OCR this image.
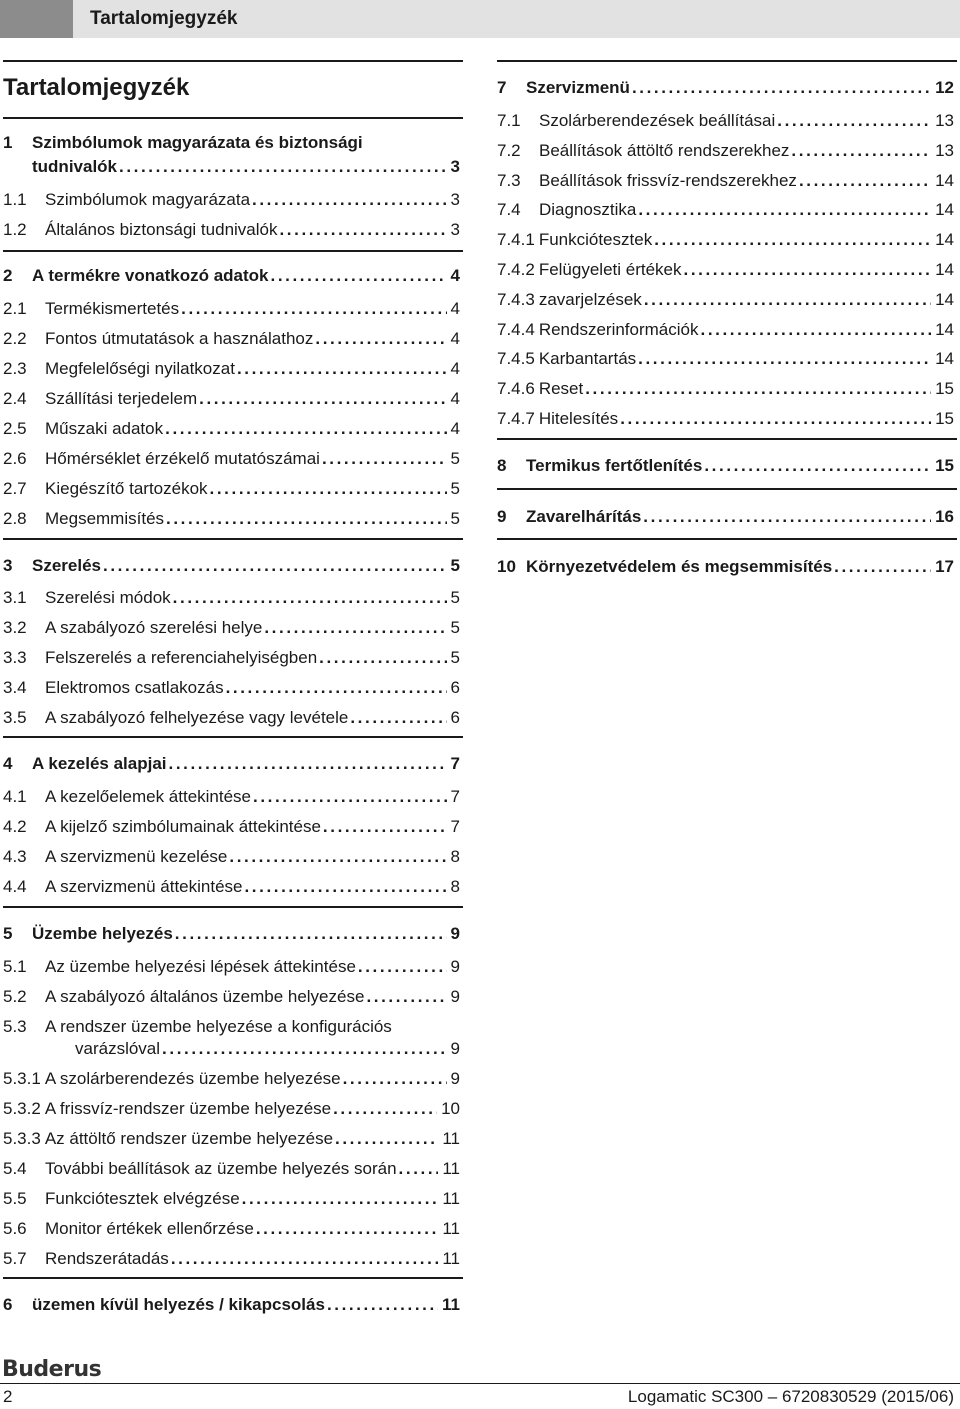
Tartalomjegyzék
Tartalomjegyzék
1 Szimbólumok magyarázata és biztonsági
tudnivalók .....	3
1.1	Szimbólumok magyarázata .....	3
1.2	Általános biztonsági tudnivalók .....	3
2	A termékre vonatkozó adatok .....	4
2.1	Termékismertetés .....	4
2.2	Fontos útmutatások a használathoz .....	4
2.3	Megfelelőségi nyilatkozat .....	4
2.4	Szállítási terjedelem .....	4
2.5	Műszaki adatok .....	4
2.6	Hőmérséklet érzékelő mutatószámai .....	5
2.7	Kiegészítő tartozékok .....	5
2.8	Megsemmisítés .....	5
3	Szerelés .....	5
3.1	Szerelési módok .....	5
3.2	A szabályozó szerelési helye .....	5
3.3	Felszerelés a referenciahelyiségben .....	5
3.4	Elektromos csatlakozás .....	6
3.5	A szabályozó felhelyezése vagy levétele .....	6
4	A kezelés alapjai .....	7
4.1	A kezelőelemek áttekintése .....	7
4.2	A kijelző szimbólumainak áttekintése .....	7
4.3	A szervizmenü kezelése .....	8
4.4	A szervizmenü áttekintése .....	8
5	Üzembe helyezés .....	9
5.1	Az üzembe helyezési lépések áttekintése .....	9
5.2	A szabályozó általános üzembe helyezése .....	9
5.3 A rendszer üzembe helyezése a konfigurációs
varázslóval .....	9
5.3.1 A szolárberendezés üzembe helyezése .....	9
5.3.2 A frissvíz-rendszer üzembe helyezése .....	10
5.3.3 Az áttöltő rendszer üzembe helyezése .....	11
5.4	További beállítások az üzembe helyezés során .....	11
5.5	Funkciótesztek elvégzése .....	11
5.6	Monitor értékek ellenőrzése .....	11
5.7	Rendszerátadás .....	11
6	üzemen kívül helyezés / kikapcsolás .....	11
7	Szervizmenü .....	12
7.1	Szolárberendezések beállításai .....	13
7.2	Beállítások áttöltő rendszerekhez .....	13
7.3	Beállítások frissvíz-rendszerekhez .....	14
7.4	Diagnosztika .....	14
7.4.1 Funkciótesztek .....	14
7.4.2 Felügyeleti értékek .....	14
7.4.3 zavarjelzések .....	14
7.4.4 Rendszerinformációk .....	14
7.4.5 Karbantartás .....	14
7.4.6 Reset .....	15
7.4.7 Hitelesítés .....	15
8	Termikus fertőtlenítés .....	15
9	Zavarelhárítás .....	16
10 Környezetvédelem és megsemmisítés .....	17
Buderus
2	Logamatic SC300 – 6720830529 (2015/06)
